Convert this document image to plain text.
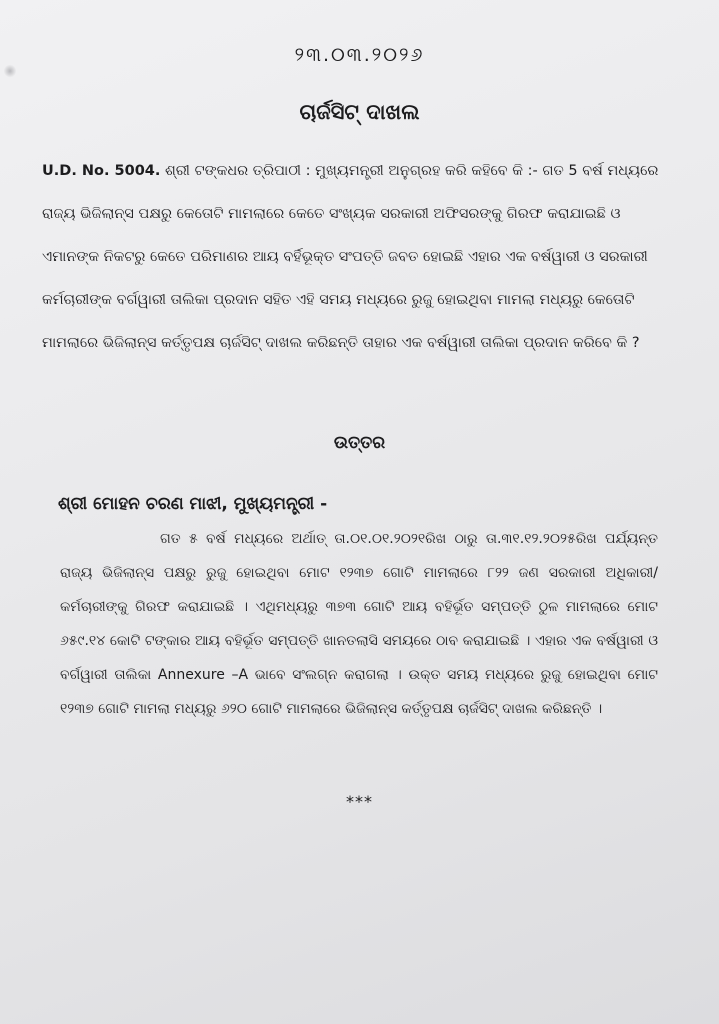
୨୩.୦୩.୨୦୨୬
ଚାର୍ଜସିଟ୍ ଦାଖଲ

U.D. No. 5004. ଶ୍ରୀ ଟଙ୍କଧର ତ୍ରିପାଠୀ : ମୁଖ୍ୟମନ୍ତ୍ରୀ ଅନୁଗ୍ରହ କରି କହିବେ କି :- ଗତ 5 ବର୍ଷ ମଧ୍ୟରେ ରାଜ୍ୟ ଭିଜିଲାନ୍ସ ପକ୍ଷରୁ କେତୋଟି ମାମଲାରେ କେତେ ସଂଖ୍ୟକ ସରକାରୀ ଅଫିସରଙ୍କୁ ଗିରଫ କରାଯାଇଛି ଓ ଏମାନଙ୍କ ନିକଟରୁ କେତେ ପରିମାଣର ଆୟ ବର୍ହିଭୂକ୍ତ ସଂପତ୍ତି ଜବତ ହୋଇଛି ଏହାର ଏକ ବର୍ଷୱାରୀ ଓ ସରକାରୀ କର୍ମଚାରୀଙ୍କ ବର୍ଗୱାରୀ ତାଲିକା ପ୍ରଦାନ ସହିତ ଏହି ସମୟ ମଧ୍ୟରେ ରୁଜୁ ହୋଇଥିବା ମାମଲା ମଧ୍ୟରୁ କେତୋଟି ମାମଲାରେ ଭିଜିଲାନ୍ସ କର୍ତ୍ତୃପକ୍ଷ ଚାର୍ଜସିଟ୍ ଦାଖଲ କରିଛନ୍ତି ତାହାର ଏକ ବର୍ଷୱାରୀ ତାଲିକା ପ୍ରଦାନ କରିବେ କି ?

ଉତ୍ତର
ଶ୍ରୀ ମୋହନ ଚରଣ ମାଝୀ, ମୁଖ୍ୟମନ୍ତ୍ରୀ -

ଗତ ୫ ବର୍ଷ ମଧ୍ୟରେ ଅର୍ଥାତ୍ ତା.୦୧.୦୧.୨୦୨୧ରିଖ ଠାରୁ ତା.୩୧.୧୨.୨୦୨୫ରିଖ ପର୍ଯ୍ୟନ୍ତ ରାଜ୍ୟ ଭିଜିଲାନ୍ସ ପକ୍ଷରୁ ରୁଜୁ ହୋଇଥିବା ମୋଟ ୧୨୩୭ ଗୋଟି ମାମଲାରେ ୮୨୨ ଜଣ ସରକାରୀ ଅଧିକାରୀ/କର୍ମଚାରୀଙ୍କୁ ଗିରଫ କରାଯାଇଛି । ଏଥିମଧ୍ୟରୁ ୩୭୩ ଗୋଟି ଆୟ ବହିର୍ଭୂତ ସମ୍ପତ୍ତି ଠୁଳ ମାମଲାରେ ମୋଟ ୬୫୯.୧୪ କୋଟି ଟଙ୍କାର ଆୟ ବହିର୍ଭୂତ ସମ୍ପତ୍ତି ଖାନତଲାସି ସମୟରେ ଠାବ କରାଯାଇଛି । ଏହାର ଏକ ବର୍ଷୱାରୀ ଓ ବର୍ଗୱାରୀ ତାଲିକା Annexure –A ଭାବେ ସଂଲଗ୍ନ କରାଗଲା । ଉକ୍ତ ସମୟ ମଧ୍ୟରେ ରୁଜୁ ହୋଇଥିବା ମୋଟ ୧୨୩୭ ଗୋଟି ମାମଲା ମଧ୍ୟରୁ ୬୨୦ ଗୋଟି ମାମଲାରେ ଭିଜିଲାନ୍ସ କର୍ତ୍ତୃପକ୍ଷ ଚାର୍ଜସିଟ୍ ଦାଖଲ କରିଛନ୍ତି ।

***
